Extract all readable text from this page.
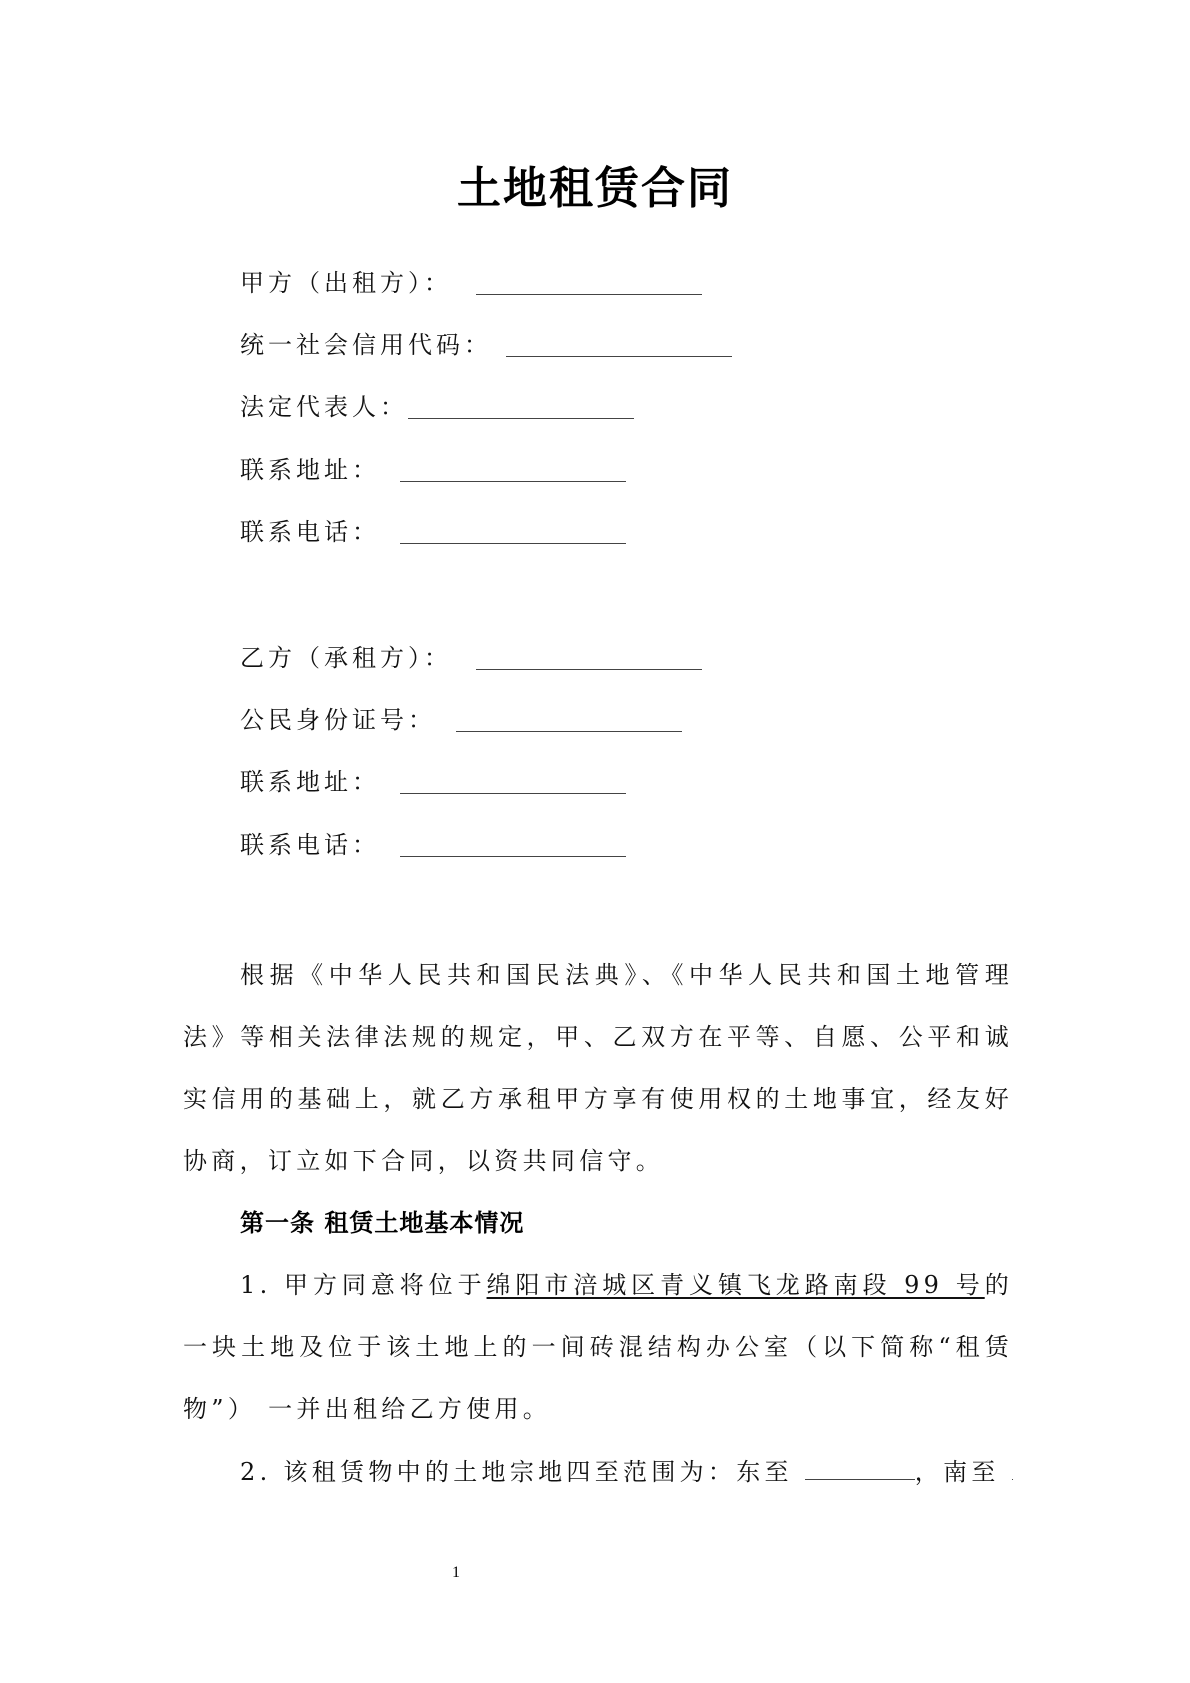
土地租赁合同
甲方（出租方）：
统一社会信用代码：
法定代表人：
联系地址：
联系电话：
乙方（承租方）：
公民身份证号：
联系地址：
联系电话：
根据《中华人民共和国民法典》、《中华人民共和国土地管理法》等相关法律法规的规定，甲、乙双方在平等、自愿、公平和诚实信用的基础上，就乙方承租甲方享有使用权的土地事宜，经友好协商，订立如下合同，以资共同信守。
第一条 租赁土地基本情况
1. 甲方同意将位于绵阳市涪城区青义镇飞龙路南段 99 号的一块土地及位于该土地上的一间砖混结构办公室（以下简称“租赁物”） 一并出租给乙方使用。
2. 该租赁物中的土地宗地四至范围为：东至	，南至
1
